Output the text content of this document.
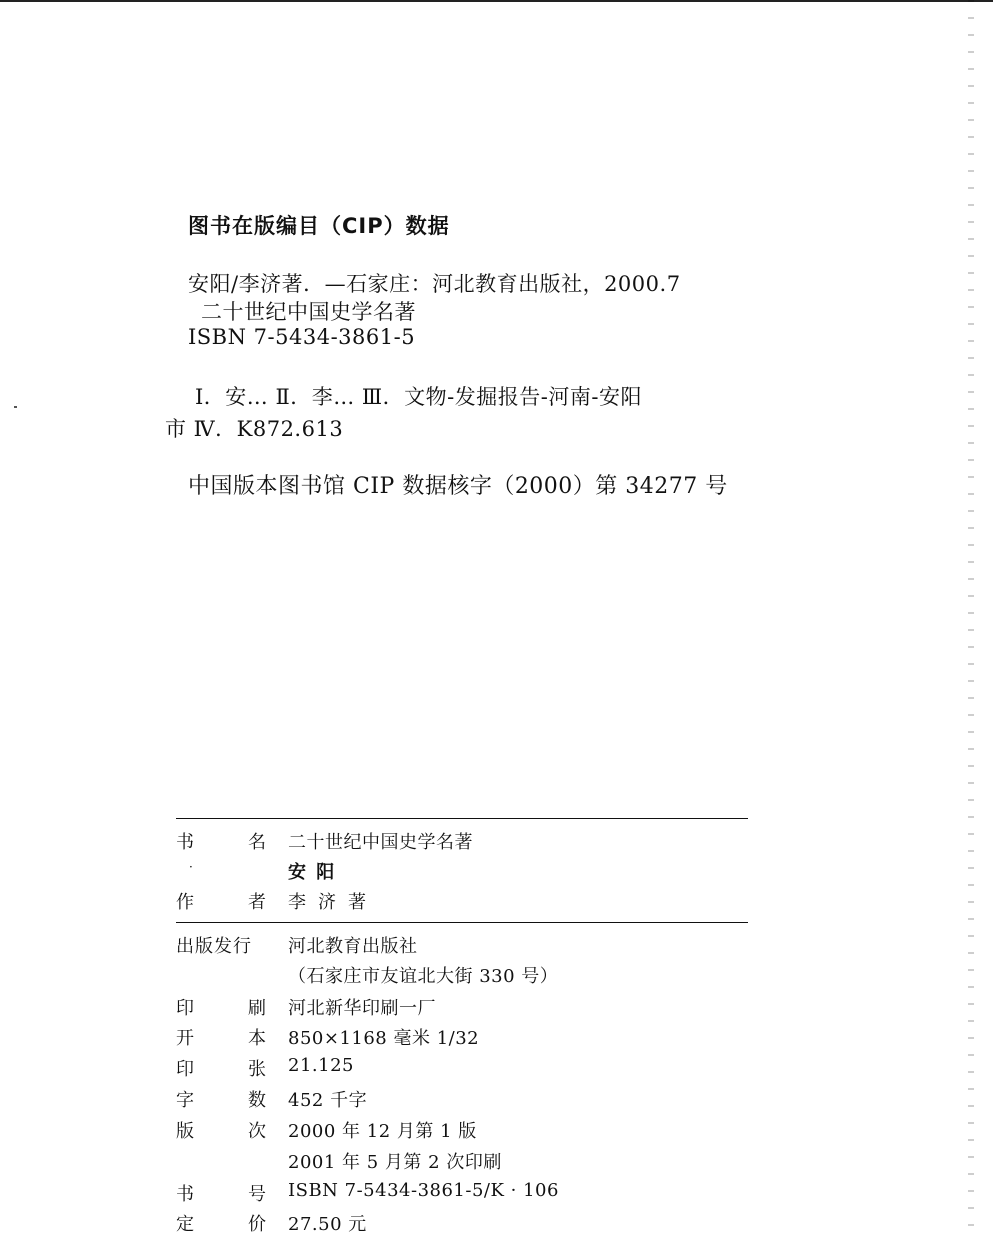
图书在版编目（CIP）数据
安阳/李济著．—石家庄：河北教育出版社，2000.7
二十世纪中国史学名著
ISBN 7-5434-3861-5
Ⅰ．安… Ⅱ．李… Ⅲ．文物-发掘报告-河南-安阳
市 Ⅳ．K872.613
中国版本图书馆 CIP 数据核字（2000）第 34277 号
书	名 二十世纪中国史学名著
·	安 阳
作	者 李济著
出版发行	河北教育出版社
（石家庄市友谊北大街 330 号）
印	刷 河北新华印刷一厂
开	本 850×1168 毫米 1/32
印	张 21.125
字	数 452 千字
版	次 2000 年 12 月第 1 版
2001 年 5 月第 2 次印刷
书	号 ISBN 7-5434-3861-5/K · 106
定	价 27.50 元
